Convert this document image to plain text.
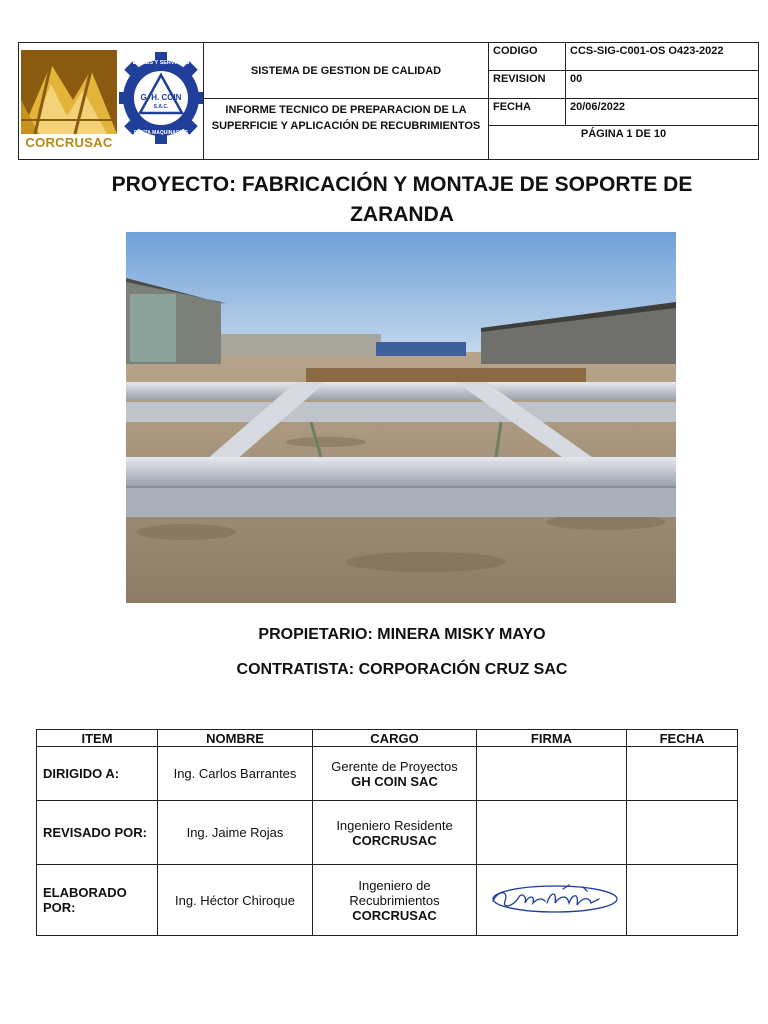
CORCRUSAC
BIENES Y SERVICIOS
G. H. COIN
S.A.C.
RENTA MAQUINARIAS	SISTEMA DE GESTION DE CALIDAD	CODIGO	CCS-SIG-C001-OS O423-2022
		REVISION	00
	INFORME TECNICO DE PREPARACION DE LA SUPERFICIE Y APLICACIÓN DE RECUBRIMIENTOS	FECHA	20/06/2022
		PÁGINA 1 DE 10	
PROYECTO: FABRICACIÓN Y MONTAJE DE SOPORTE DE ZARANDA
PROPIETARIO: MINERA MISKY MAYO
CONTRATISTA: CORPORACIÓN CRUZ SAC
ITEM	NOMBRE	CARGO	FIRMA	FECHA
DIRIGIDO A:	Ing. Carlos Barrantes	Gerente de Proyectos
GH COIN SAC		

REVISADO POR:	Ing. Jaime Rojas	Ingeniero Residente
CORCRUSAC		

ELABORADO POR:	Ing. Héctor Chiroque	Ingeniero de Recubrimientos
CORCRUSAC
